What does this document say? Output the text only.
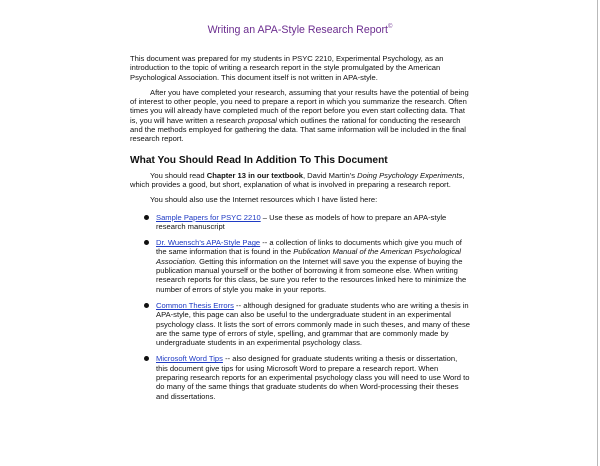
Writing an APA-Style Research Report©

This document was prepared for my students in PSYC 2210, Experimental Psychology, as an introduction to the topic of writing a research report in the style promulgated by the American Psychological Association. This document itself is not written in APA-style.

After you have completed your research, assuming that your results have the potential of being of interest to other people, you need to prepare a report in which you summarize the research. Often times you will already have completed much of the report before you even start collecting data. That is, you will have written a research proposal which outlines the rational for conducting the research and the methods employed for gathering the data. That same information will be included in the final research report.

What You Should Read In Addition To This Document

You should read Chapter 13 in our textbook, David Martin's Doing Psychology Experiments, which provides a good, but short, explanation of what is involved in preparing a research report.

You should also use the Internet resources which I have listed here:

Sample Papers for PSYC 2210 – Use these as models of how to prepare an APA-style research manuscript
Dr. Wuensch's APA-Style Page -- a collection of links to documents which give you much of the same information that is found in the Publication Manual of the American Psychological Association. Getting this information on the Internet will save you the expense of buying the publication manual yourself or the bother of borrowing it from someone else. When writing research reports for this class, be sure you refer to the resources linked here to minimize the number of errors of style you make in your reports.
Common Thesis Errors -- although designed for graduate students who are writing a thesis in APA-style, this page can also be useful to the undergraduate student in an experimental psychology class. It lists the sort of errors commonly made in such theses, and many of these are the same type of errors of style, spelling, and grammar that are commonly made by undergraduate students in an experimental psychology class.
Microsoft Word Tips -- also designed for graduate students writing a thesis or dissertation, this document give tips for using Microsoft Word to prepare a research report. When preparing research reports for an experimental psychology class you will need to use Word to do many of the same things that graduate students do when Word-processing their theses and dissertations.
